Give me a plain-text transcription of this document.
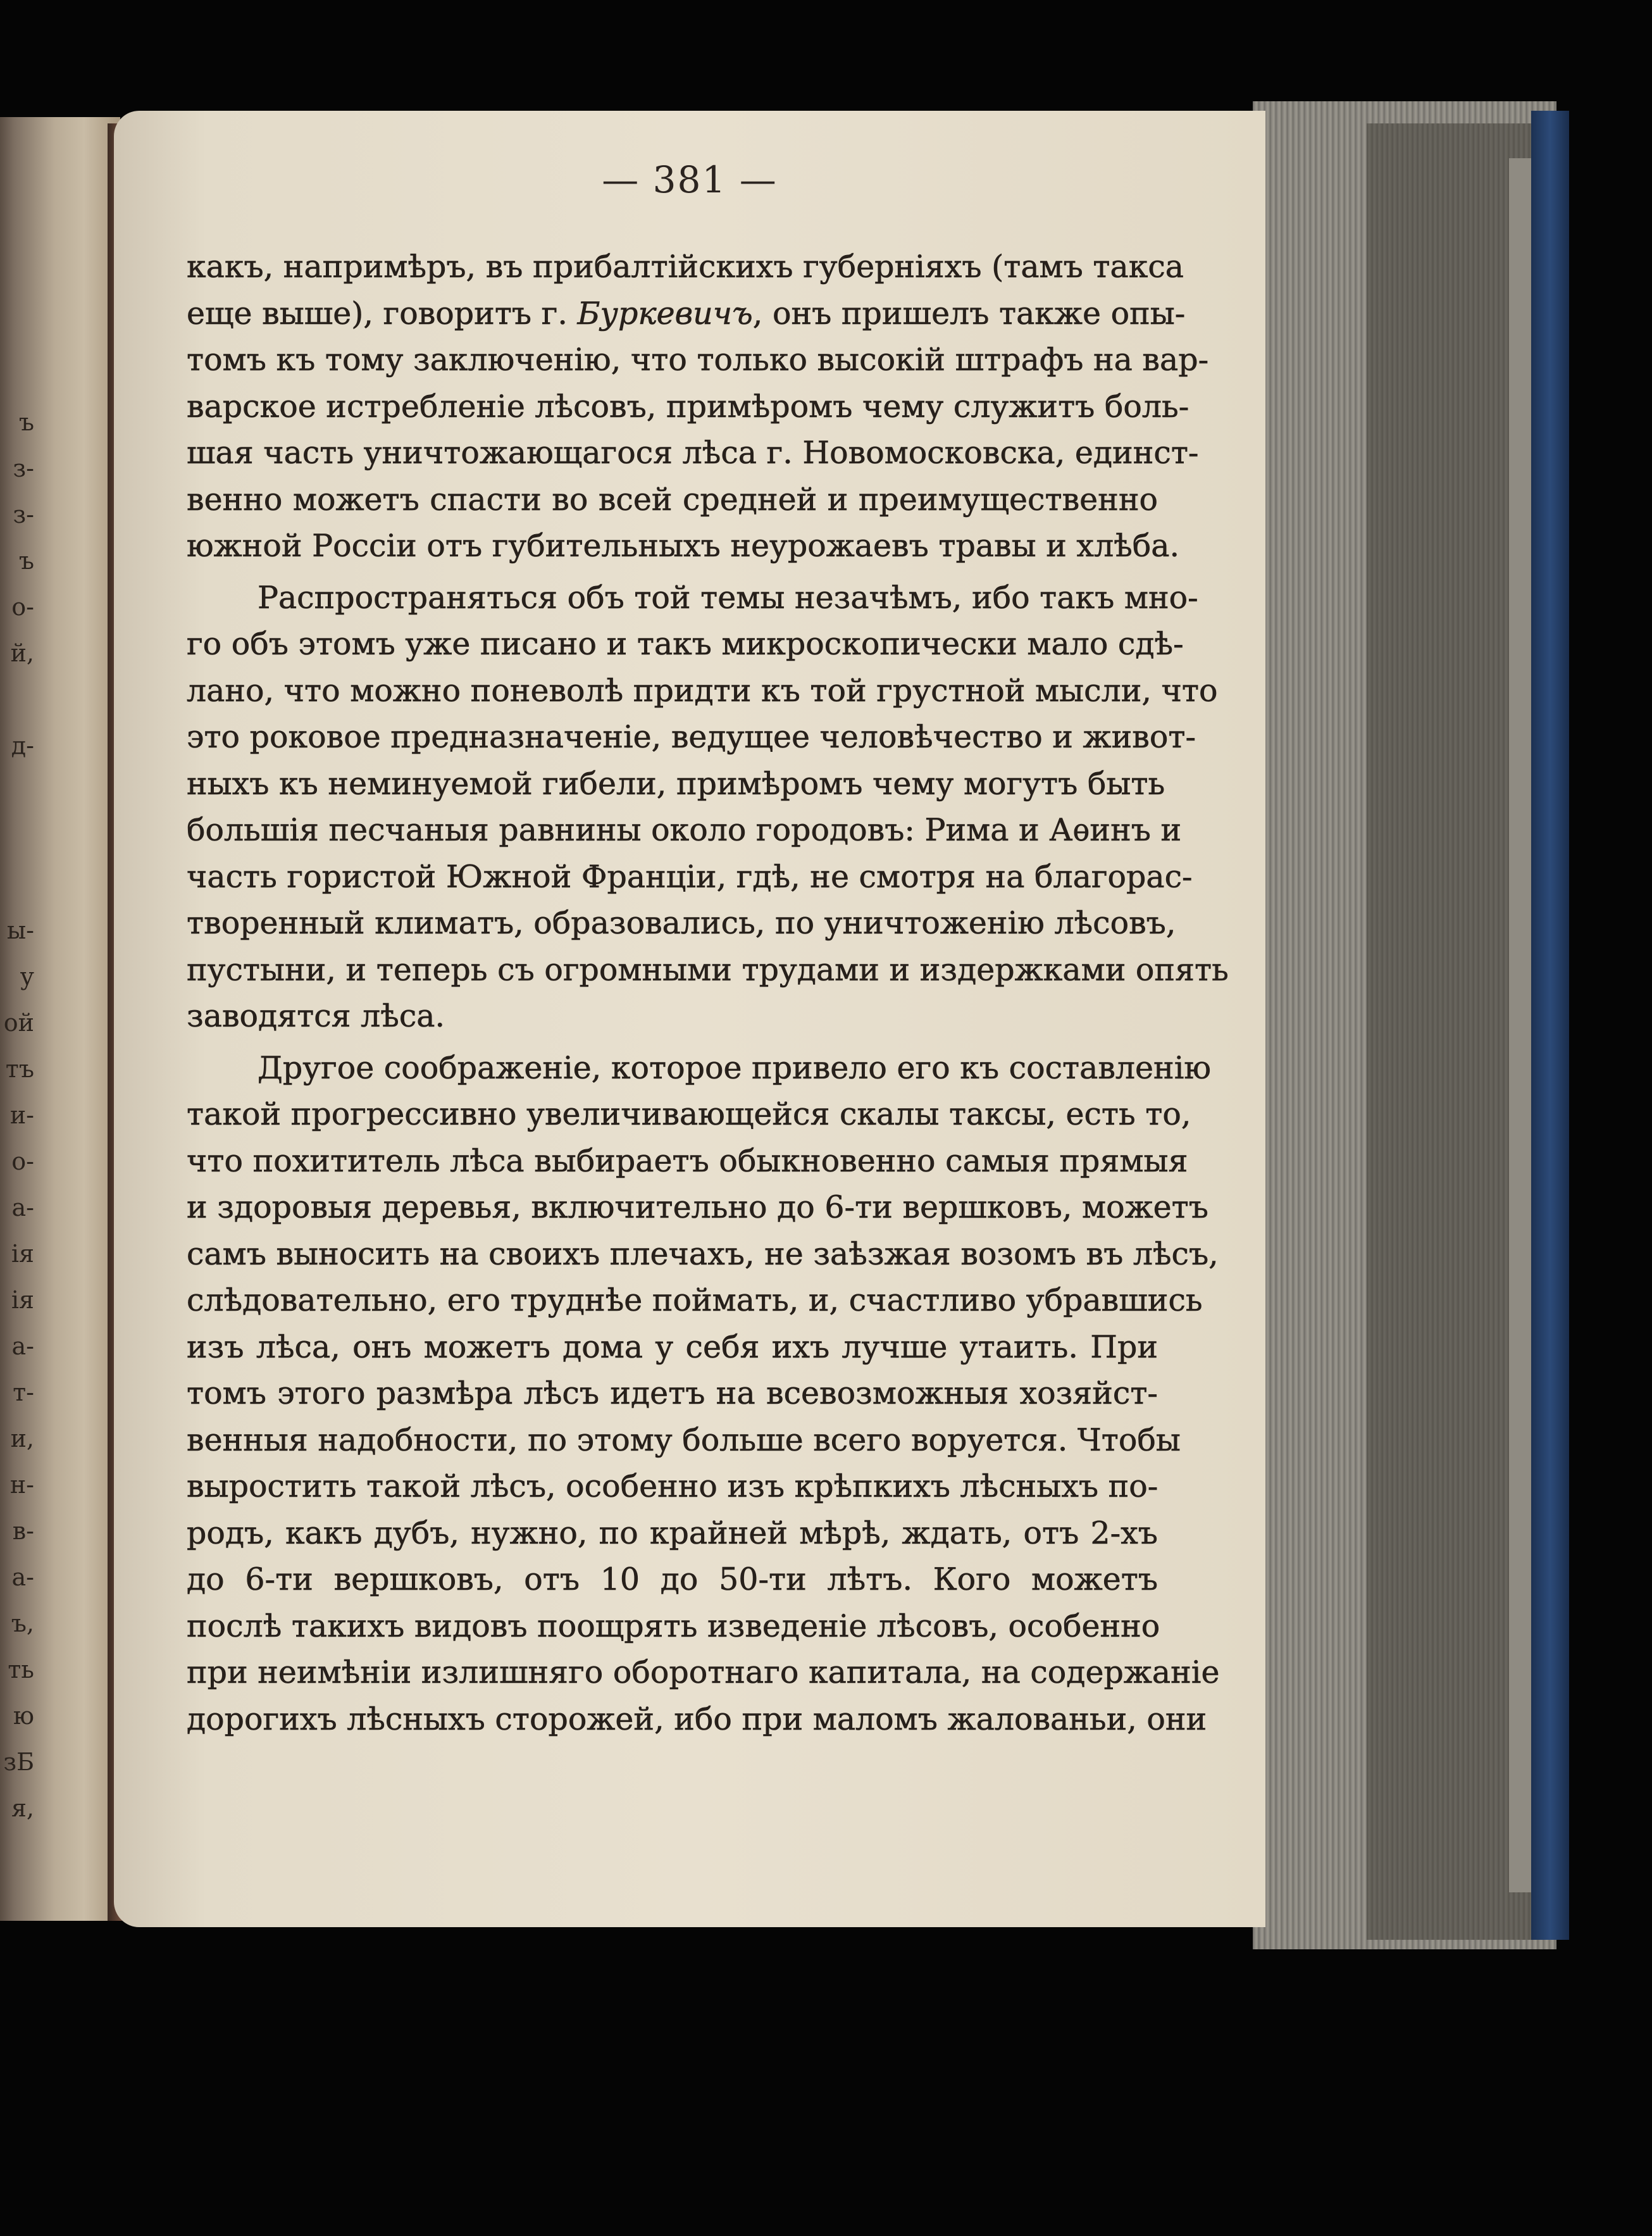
ъ
з-
з-
ъ
о-
й,
д-
ы-
у
ой
тъ
и-
о-
а-
ія
ія
а-
т-
и,
н-
в-
а-
ъ,
ть
ю
зБ
я,
— 381 —
какъ, напримѣръ, въ прибалтійскихъ губерніяхъ (тамъ такса
еще выше), говоритъ г. Буркевичъ, онъ пришелъ также опы-
томъ къ тому заключенію, что только высокій штрафъ на вар-
варское истребленіе лѣсовъ, примѣромъ чему служитъ боль-
шая часть уничтожающагося лѣса г. Новомосковска, единст-
венно можетъ спасти во всей средней и преимущественно
южной Россіи отъ губительныхъ неурожаевъ травы и хлѣба.
Распространяться объ той темы незачѣмъ, ибо такъ мно-
го объ этомъ уже писано и такъ микроскопически мало сдѣ-
лано, что можно поневолѣ придти къ той грустной мысли, что
это роковое предназначеніе, ведущее человѣчество и живот-
ныхъ къ неминуемой гибели, примѣромъ чему могутъ быть
большія песчаныя равнины около городовъ: Рима и Аѳинъ и
часть гористой Южной Франціи, гдѣ, не смотря на благорас-
творенный климатъ, образовались, по уничтоженію лѣсовъ,
пустыни, и теперь съ огромными трудами и издержками опять
заводятся лѣса.
Другое соображеніе, которое привело его къ составленію
такой прогрессивно увеличивающейся скалы таксы, есть то,
что похититель лѣса выбираетъ обыкновенно самыя прямыя
и здоровыя деревья, включительно до 6-ти вершковъ, можетъ
самъ выносить на своихъ плечахъ, не заѣзжая возомъ въ лѣсъ,
слѣдовательно, его труднѣе поймать, и, счастливо убравшись
изъ лѣса, онъ можетъ дома у себя ихъ лучше утаить. При
томъ этого размѣра лѣсъ идетъ на всевозможныя хозяйст-
венныя надобности, по этому больше всего воруется. Чтобы
выростить такой лѣсъ, особенно изъ крѣпкихъ лѣсныхъ по-
родъ, какъ дубъ, нужно, по крайней мѣрѣ, ждать, отъ 2-хъ
до 6-ти вершковъ, отъ 10 до 50-ти лѣтъ. Кого можетъ
послѣ такихъ видовъ поощрять изведеніе лѣсовъ, особенно
при неимѣніи излишняго оборотнаго капитала, на содержаніе
дорогихъ лѣсныхъ сторожей, ибо при маломъ жалованьи, они
